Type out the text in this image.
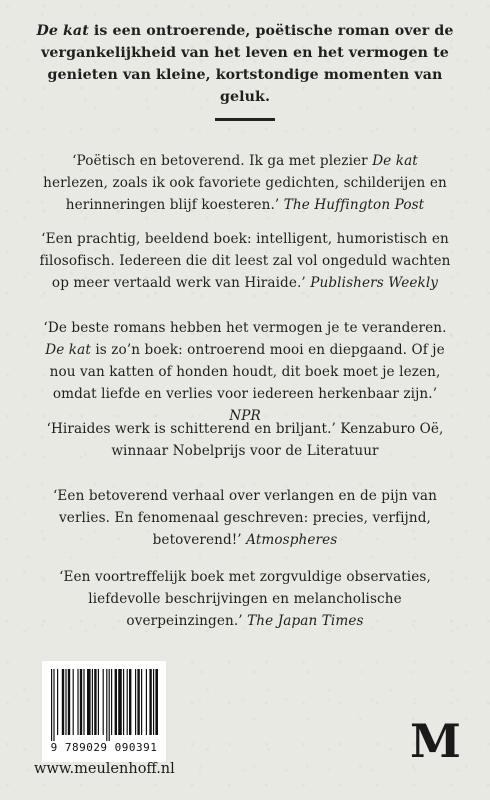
De kat is een ontroerende, poëtische roman over de
vergankelijkheid van het leven en het vermogen te
genieten van kleine, kortstondige momenten van geluk.
‘Poëtisch en betoverend. Ik ga met plezier De kat
herlezen, zoals ik ook favoriete gedichten, schilderijen en
herinneringen blijf koesteren.’ The Huffington Post
‘Een prachtig, beeldend boek: intelligent, humoristisch en
filosofisch. Iedereen die dit leest zal vol ongeduld wachten
op meer vertaald werk van Hiraide.’ Publishers Weekly
‘De beste romans hebben het vermogen je te veranderen.
De kat is zo’n boek: ontroerend mooi en diepgaand. Of je
nou van katten of honden houdt, dit boek moet je lezen,
omdat liefde en verlies voor iedereen herkenbaar zijn.’ NPR
‘Hiraides werk is schitterend en briljant.’ Kenzaburo Oë,
winnaar Nobelprijs voor de Literatuur
‘Een betoverend verhaal over verlangen en de pijn van
verlies. En fenomenaal geschreven: precies, verfijnd,
betoverend!’ Atmospheres
‘Een voortreffelijk boek met zorgvuldige observaties,
liefdevolle beschrijvingen en melancholische
overpeinzingen.’ The Japan Times
9 789029 090391
www.meulenhoff.nl
M
